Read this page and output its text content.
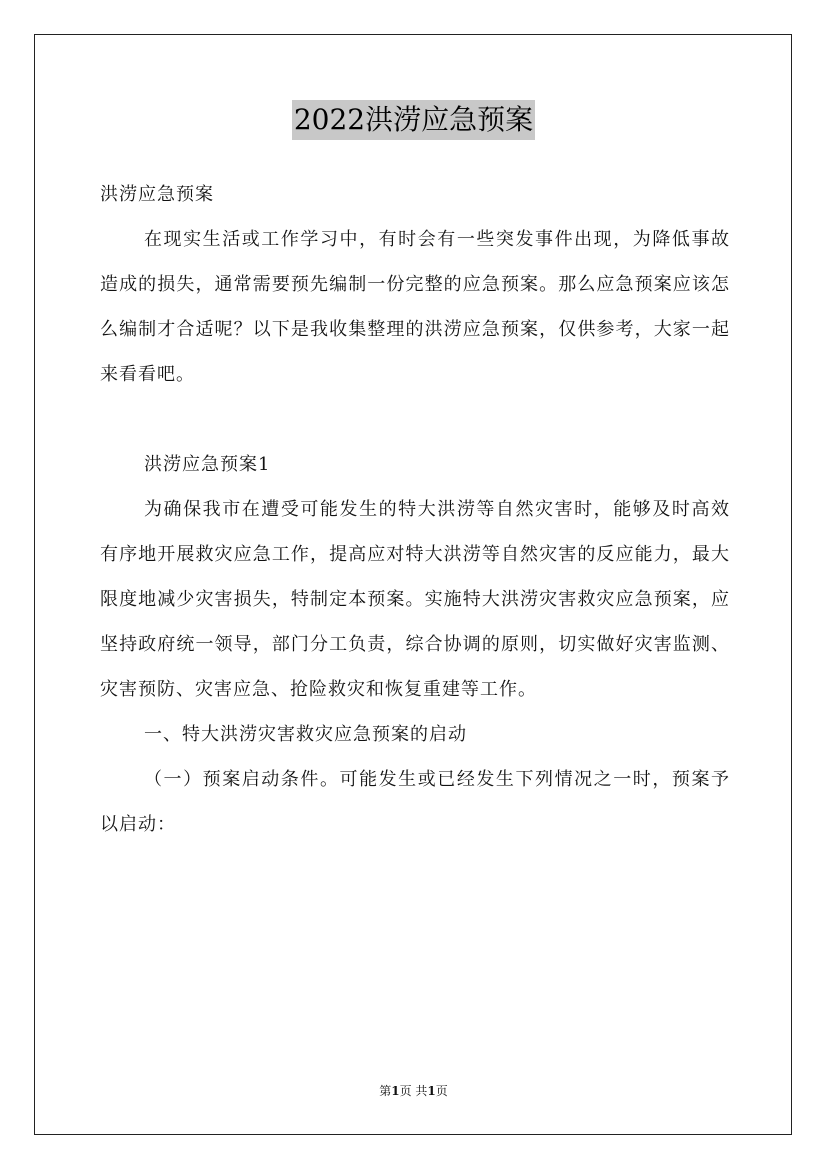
2022洪涝应急预案

洪涝应急预案

在现实生活或工作学习中，有时会有一些突发事件出现，为降低事故造成的损失，通常需要预先编制一份完整的应急预案。那么应急预案应该怎么编制才合适呢？以下是我收集整理的洪涝应急预案，仅供参考，大家一起来看看吧。

洪涝应急预案1

为确保我市在遭受可能发生的特大洪涝等自然灾害时，能够及时高效有序地开展救灾应急工作，提高应对特大洪涝等自然灾害的反应能力，最大限度地减少灾害损失，特制定本预案。实施特大洪涝灾害救灾应急预案，应坚持政府统一领导，部门分工负责，综合协调的原则，切实做好灾害监测、灾害预防、灾害应急、抢险救灾和恢复重建等工作。

一、特大洪涝灾害救灾应急预案的启动

（一）预案启动条件。可能发生或已经发生下列情况之一时，预案予以启动：

第1页 共1页
